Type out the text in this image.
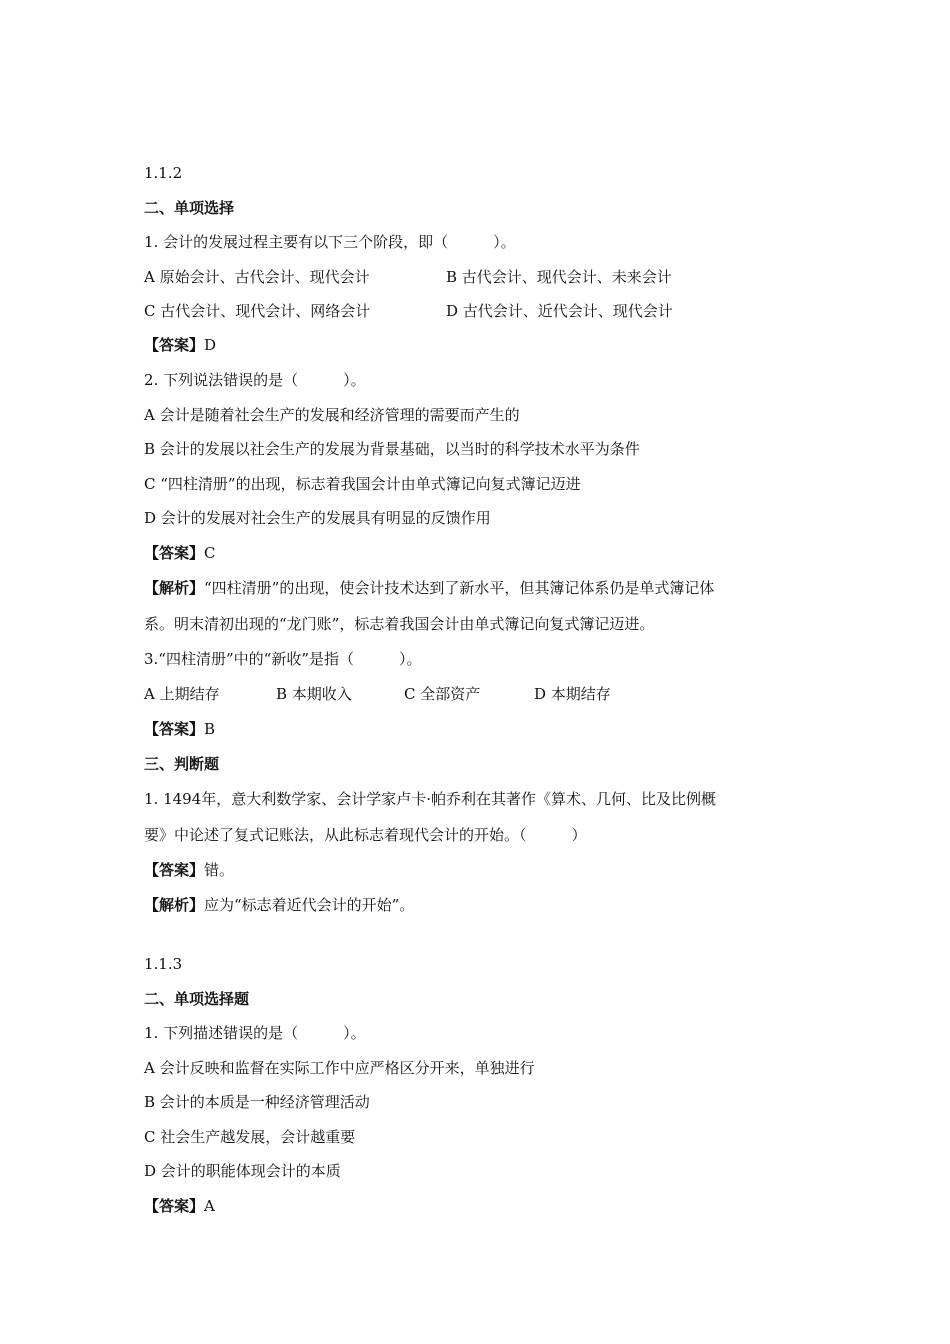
1.1.2
二、单项选择
1. 会计的发展过程主要有以下三个阶段，即（　　　）。
A 原始会计、古代会计、现代会计	B 古代会计、现代会计、未来会计
C 古代会计、现代会计、网络会计	D 古代会计、近代会计、现代会计
【答案】D
2. 下列说法错误的是（　　　）。
A 会计是随着社会生产的发展和经济管理的需要而产生的
B 会计的发展以社会生产的发展为背景基础，以当时的科学技术水平为条件
C “四柱清册”的出现，标志着我国会计由单式簿记向复式簿记迈进
D 会计的发展对社会生产的发展具有明显的反馈作用
【答案】C
【解析】“四柱清册”的出现，使会计技术达到了新水平，但其簿记体系仍是单式簿记体
系。明末清初出现的“龙门账”，标志着我国会计由单式簿记向复式簿记迈进。
3.“四柱清册”中的“新收”是指（　　　）。
A 上期结存	B 本期收入	C 全部资产	D 本期结存
【答案】B
三、判断题
1. 1494年，意大利数学家、会计学家卢卡·帕乔利在其著作《算术、几何、比及比例概
要》中论述了复式记账法，从此标志着现代会计的开始。（　　　）
【答案】错。
【解析】应为“标志着近代会计的开始”。
1.1.3
二、单项选择题
1. 下列描述错误的是（　　　）。
A 会计反映和监督在实际工作中应严格区分开来，单独进行
B 会计的本质是一种经济管理活动
C 社会生产越发展，会计越重要
D 会计的职能体现会计的本质
【答案】A
